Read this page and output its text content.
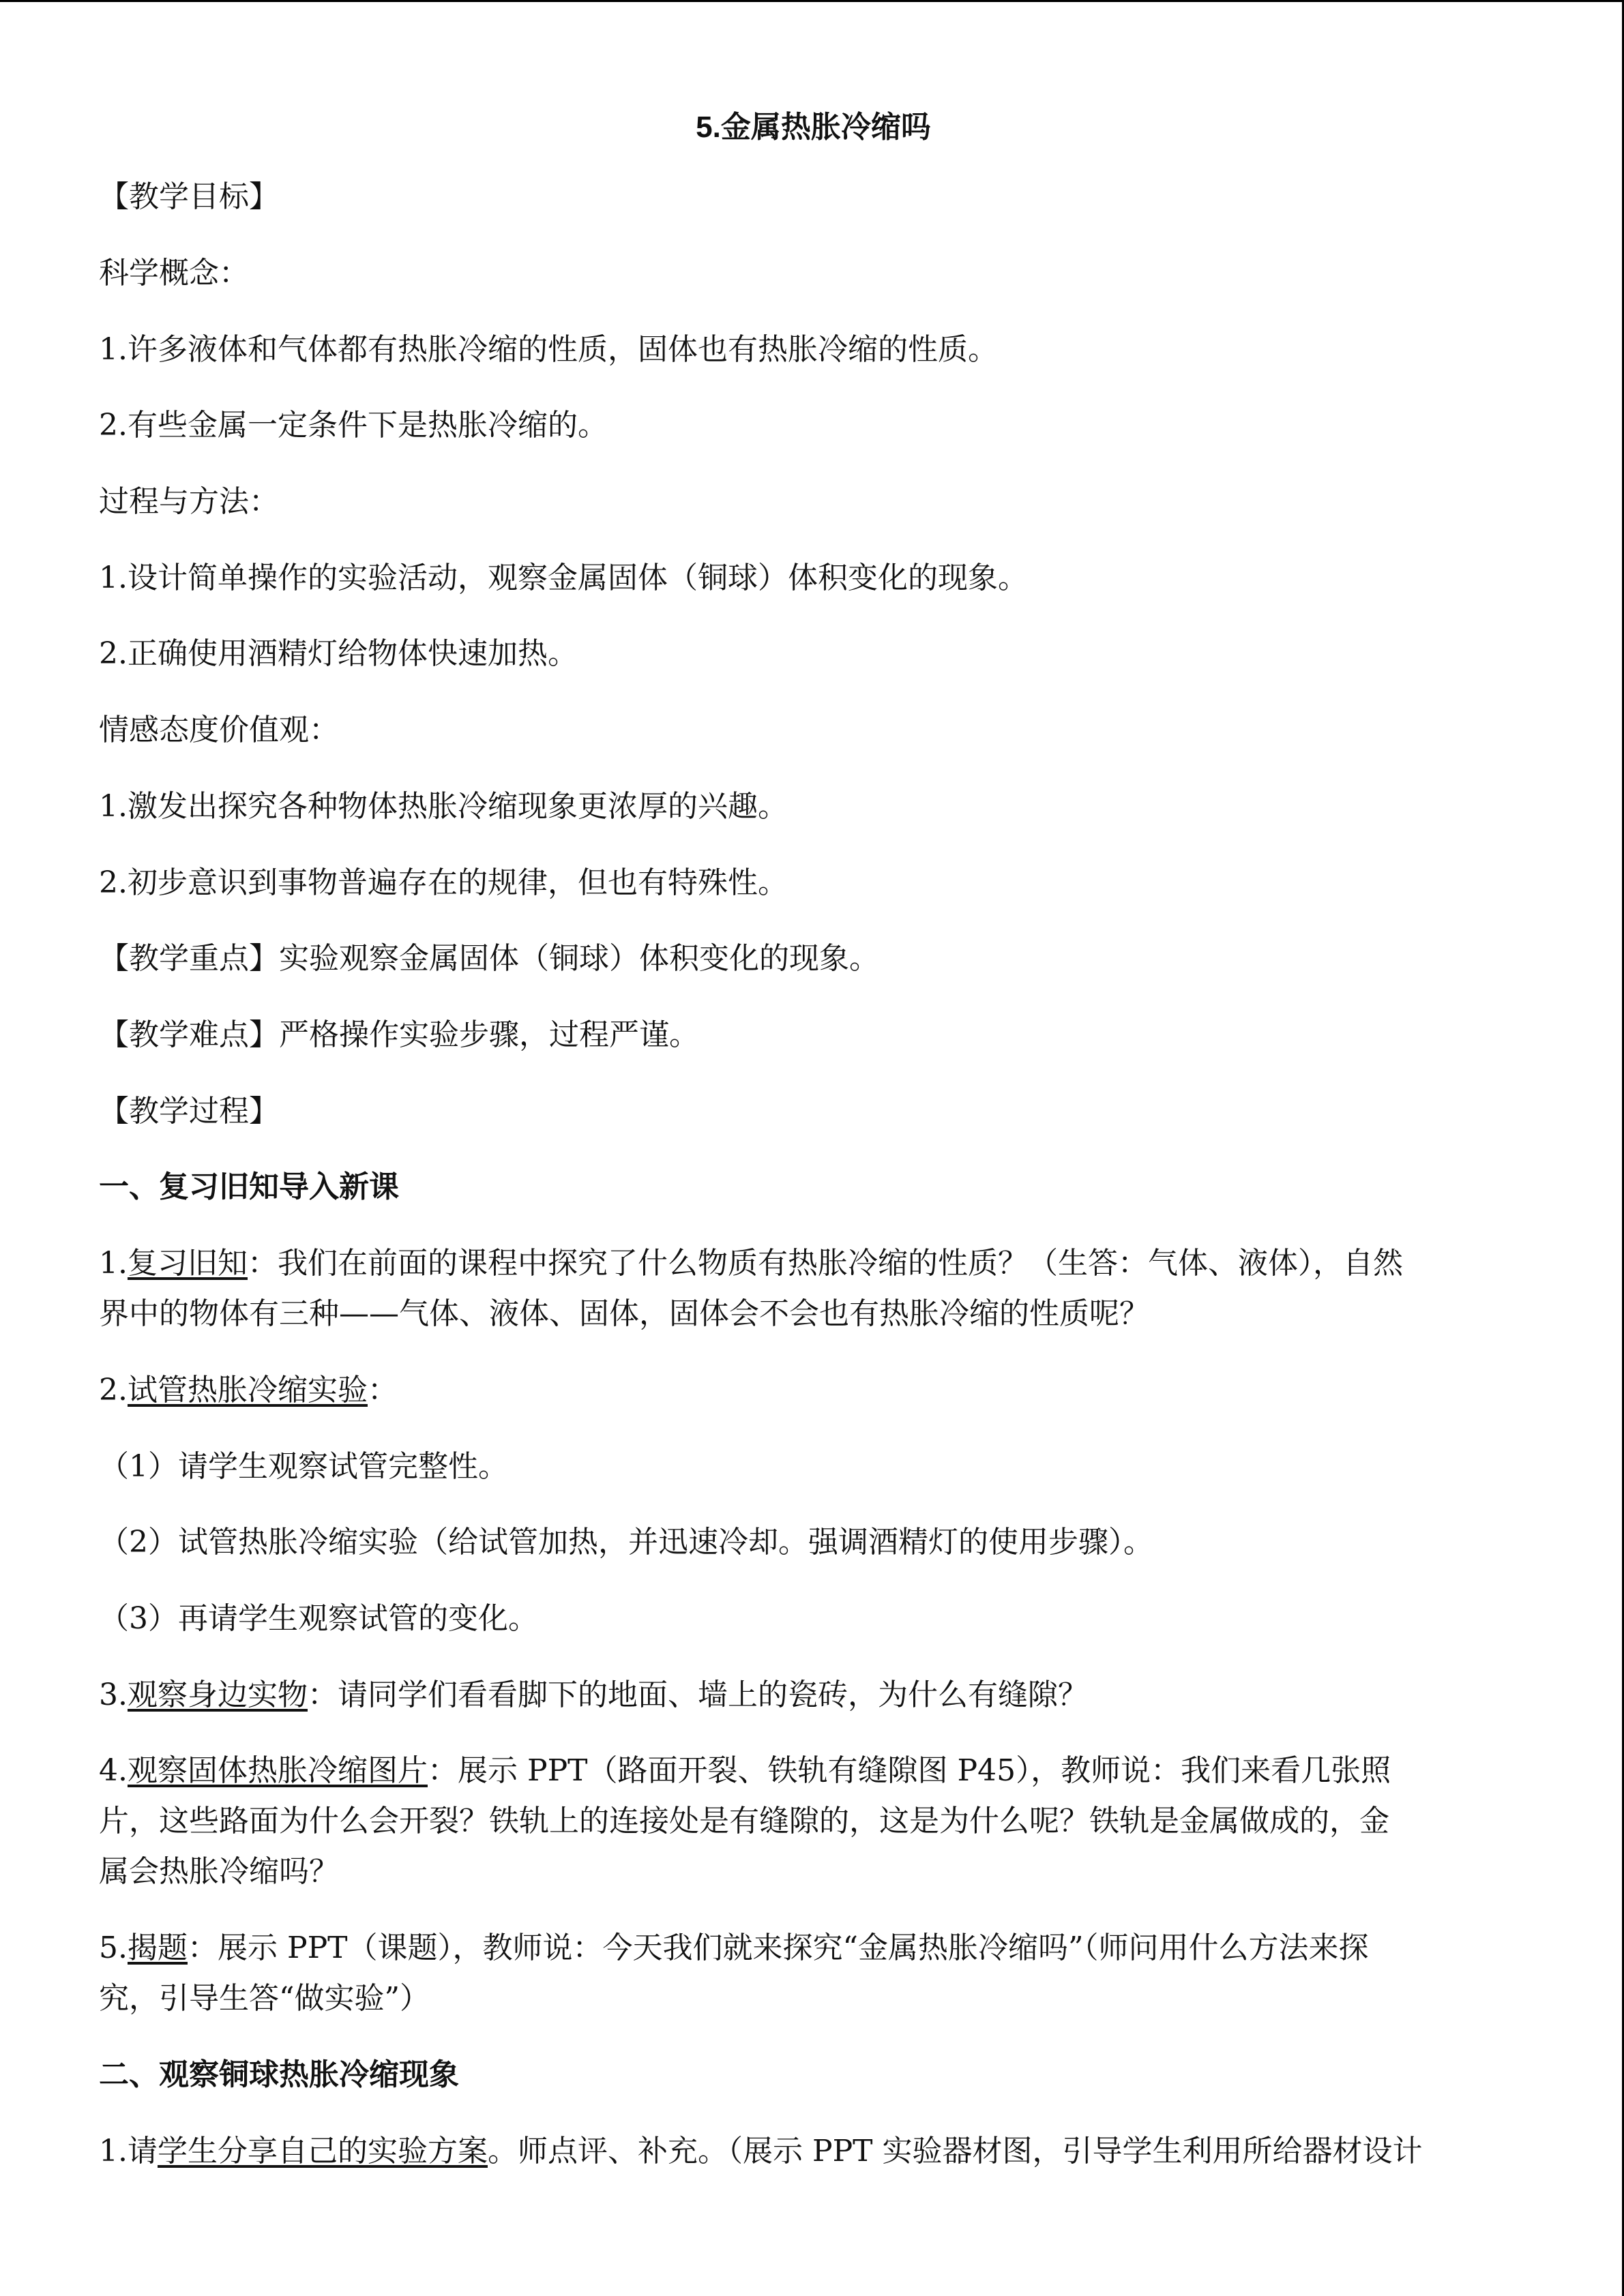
5.金属热胀冷缩吗
【教学目标】
科学概念：
1.许多液体和气体都有热胀冷缩的性质，固体也有热胀冷缩的性质。
2.有些金属一定条件下是热胀冷缩的。
过程与方法：
1.设计简单操作的实验活动，观察金属固体（铜球）体积变化的现象。
2.正确使用酒精灯给物体快速加热。
情感态度价值观：
1.激发出探究各种物体热胀冷缩现象更浓厚的兴趣。
2.初步意识到事物普遍存在的规律，但也有特殊性。
【教学重点】实验观察金属固体（铜球）体积变化的现象。
【教学难点】严格操作实验步骤，过程严谨。
【教学过程】
一、复习旧知导入新课
1.复习旧知：我们在前面的课程中探究了什么物质有热胀冷缩的性质？（生答：气体、液体），自然
界中的物体有三种——气体、液体、固体，固体会不会也有热胀冷缩的性质呢？
2.试管热胀冷缩实验：
（1）请学生观察试管完整性。
（2）试管热胀冷缩实验（给试管加热，并迅速冷却。强调酒精灯的使用步骤）。
（3）再请学生观察试管的变化。
3.观察身边实物：请同学们看看脚下的地面、墙上的瓷砖，为什么有缝隙？
4.观察固体热胀冷缩图片：展示 PPT（路面开裂、铁轨有缝隙图 P45），教师说：我们来看几张照
片，这些路面为什么会开裂？铁轨上的连接处是有缝隙的，这是为什么呢？铁轨是金属做成的，金
属会热胀冷缩吗？
5.揭题：展示 PPT（课题），教师说：今天我们就来探究“金属热胀冷缩吗”（师问用什么方法来探
究，引导生答“做实验”）
二、观察铜球热胀冷缩现象
1.请学生分享自己的实验方案。师点评、补充。（展示 PPT 实验器材图，引导学生利用所给器材设计
